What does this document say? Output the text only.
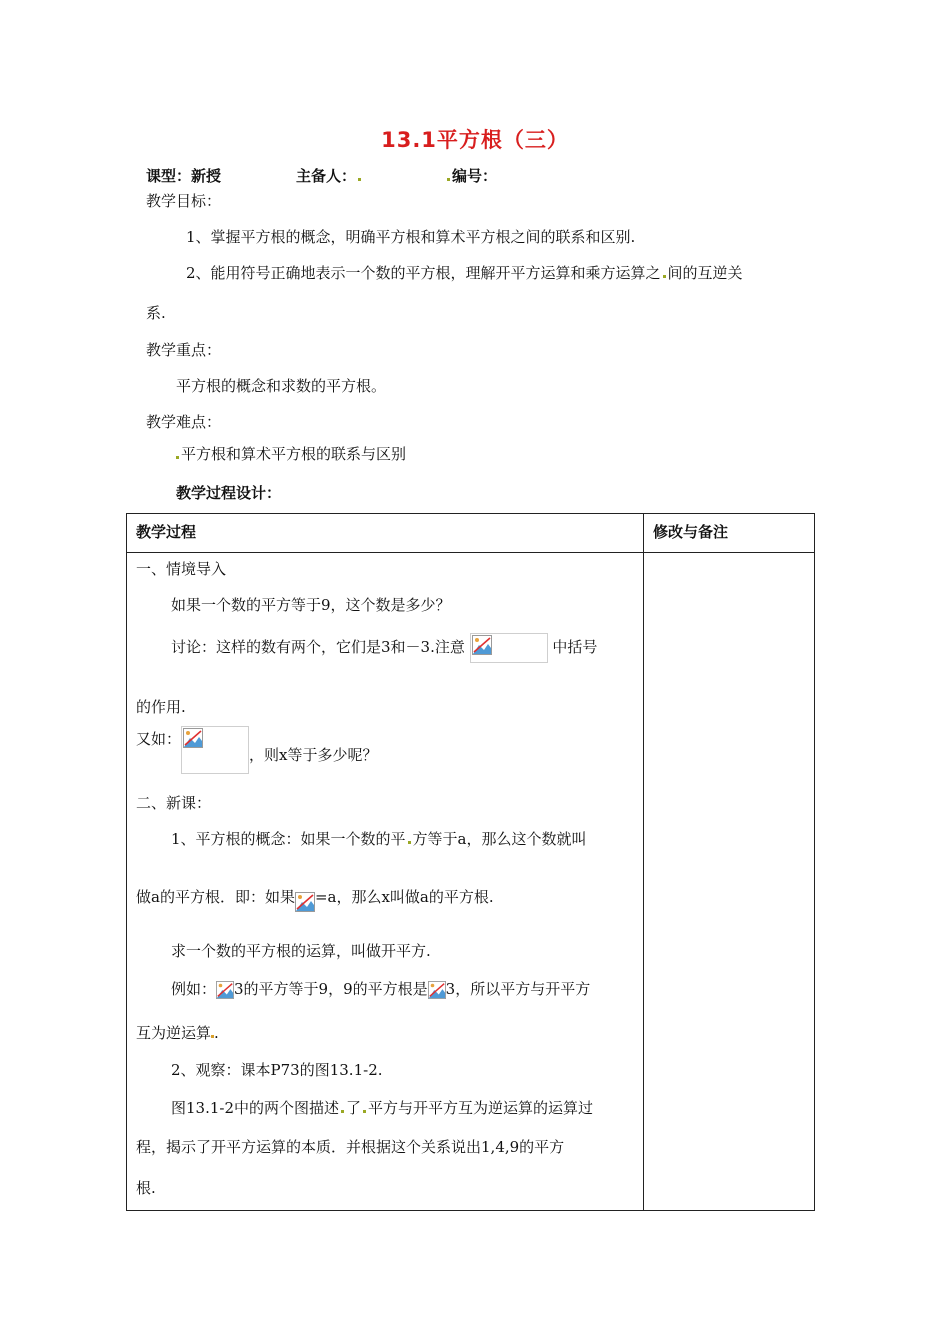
13.1平方根（三）
课型：新授	主备人：	编号：
教学目标：
1、掌握平方根的概念，明确平方根和算术平方根之间的联系和区别.
2、能用符号正确地表示一个数的平方根，理解开平方运算和乘方运算之 间的互逆关
系.
教学重点：
平方根的概念和求数的平方根。
教学难点：
平方根和算术平方根的联系与区别
教学过程设计：
教学过程	修改与备注
一、情境导入
如果一个数的平方等于9，这个数是多少？
讨论：这样的数有两个，它们是3和－3.注意	中括号
的作用.
又如：
，则x等于多少呢？
二、新课：
1、平方根的概念：如果一个数的平 方等于a，那么这个数就叫
做a的平方根．即：如果 =a，那么x叫做a的平方根.
求一个数的平方根的运算，叫做开平方.
例如： 3的平方等于9，9的平方根是 3，所以平方与开平方
互为逆运算 .
2、观察：课本P73的图13.1-2.
图13.1-2中的两个图描述 了 平方与开平方互为逆运算的运算过
程，揭示了开平方运算的本质．并根据这个关系说出1,4,9的平方
根.
